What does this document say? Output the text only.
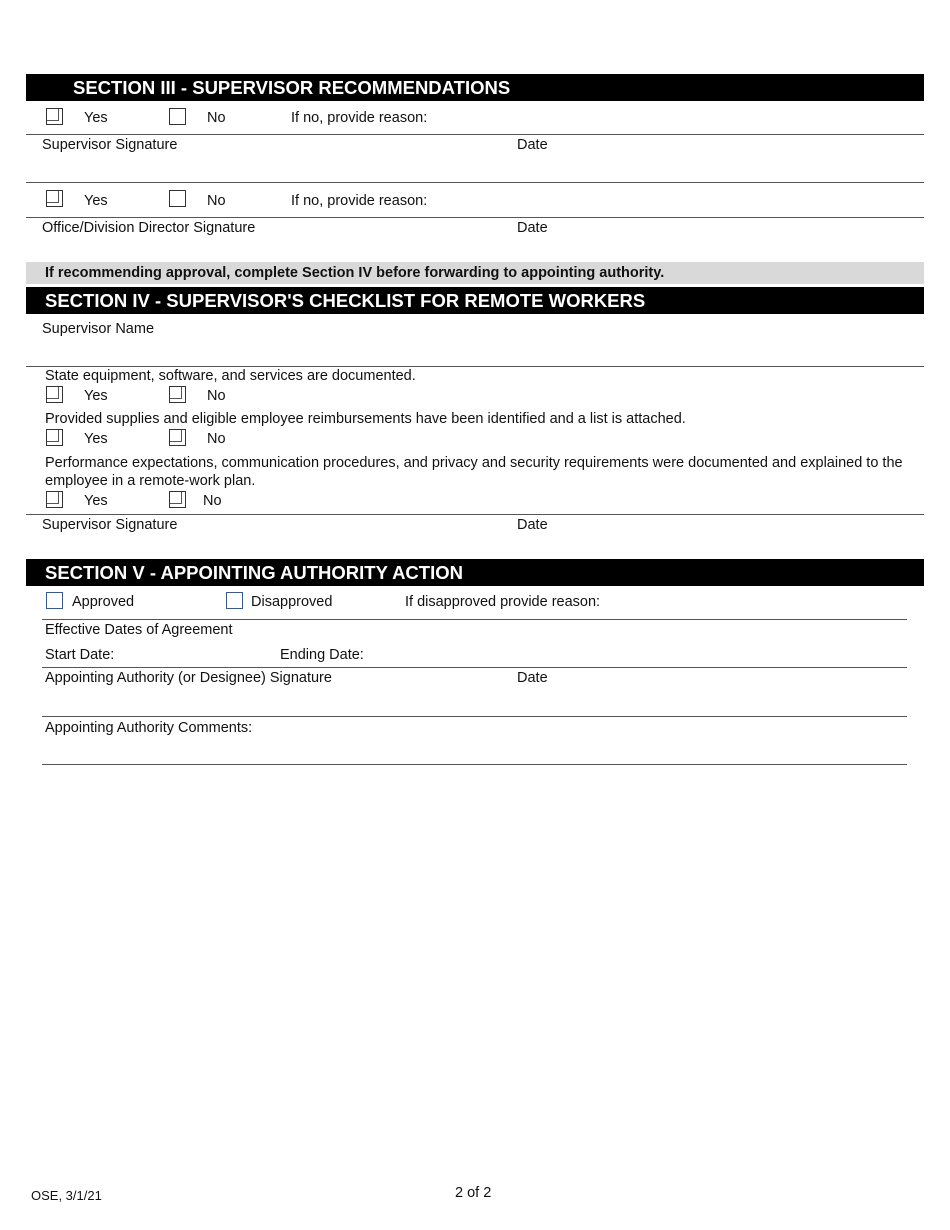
SECTION III - SUPERVISOR RECOMMENDATIONS
Yes	No	If no, provide reason:
Supervisor Signature	Date
Yes	No	If no, provide reason:
Office/Division Director Signature	Date
If recommending approval, complete Section IV before forwarding to appointing authority.
SECTION IV - SUPERVISOR'S CHECKLIST FOR REMOTE WORKERS
Supervisor Name
State equipment, software, and services are documented.
Yes	No
Provided supplies and eligible employee reimbursements have been identified and a list is attached.
Yes	No
Performance expectations, communication procedures, and privacy and security requirements were documented and explained to the employee in a remote-work plan.
Yes	No
Supervisor Signature	Date
SECTION V - APPOINTING AUTHORITY ACTION
Approved	Disapproved	If disapproved provide reason:
Effective Dates of Agreement
Start Date:	Ending Date:
Appointing Authority (or Designee) Signature	Date
Appointing Authority Comments:
OSE, 3/1/21	2 of 2
